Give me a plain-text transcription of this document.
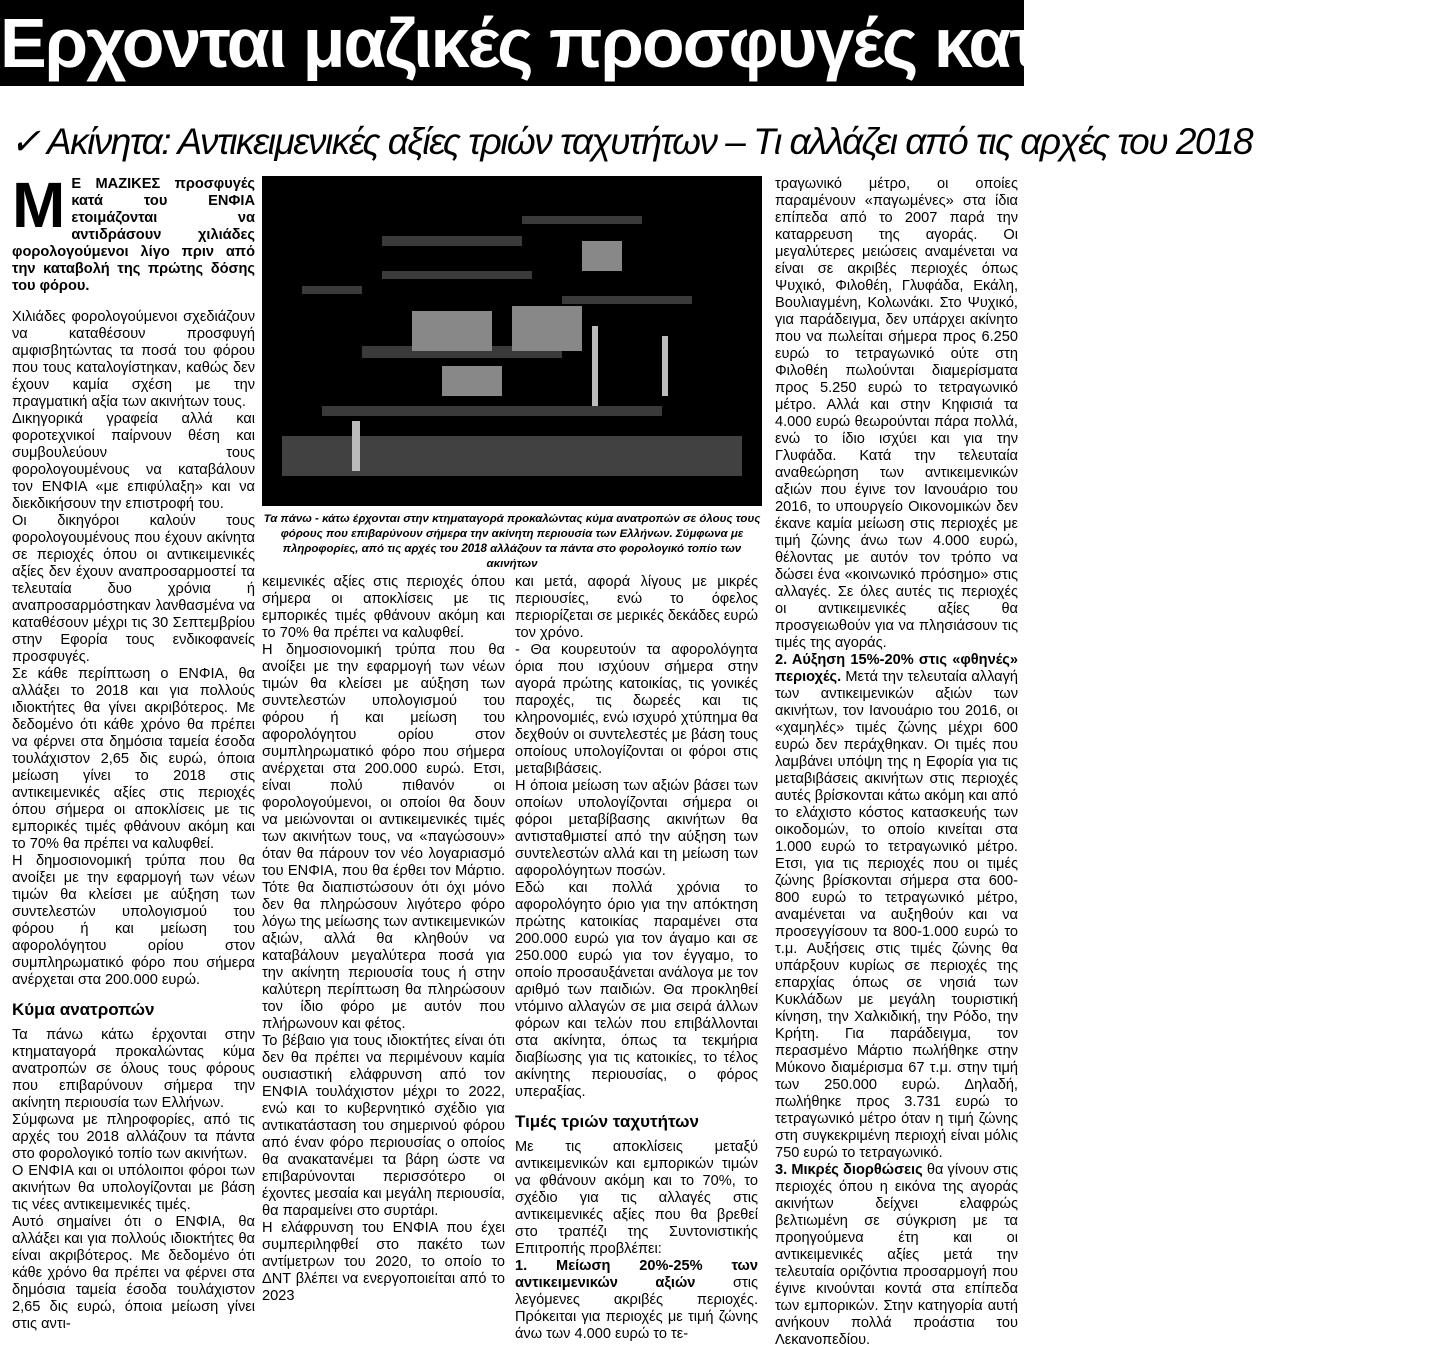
Ερχονται μαζικές προσφυγές κατά του ΕΝΦΙΑ
✓ Ακίνητα: Αντικειμενικές αξίες τριών ταχυτήτων – Τι αλλάζει από τις αρχές του 2018

Μ Ε ΜΑΖΙΚΕΣ προσφυγές κατά του ΕΝΦΙΑ ετοιμάζονται να αντιδράσουν χιλιάδες φορολογούμενοι λίγο πριν από την καταβολή της πρώτης δόσης του φόρου.

Χιλιάδες φορολογούμενοι σχεδιάζουν να καταθέσουν προσφυγή αμφισβητώντας τα ποσά του φόρου που τους καταλογίστηκαν, καθώς δεν έχουν καμία σχέση με την πραγματική αξία των ακινήτων τους.

Δικηγορικά γραφεία αλλά και φοροτεχνικοί παίρνουν θέση και συμβουλεύουν τους φορολογουμένους να καταβάλουν τον ΕΝΦΙΑ «με επιφύλαξη» και να διεκδικήσουν την επιστροφή του.

Οι δικηγόροι καλούν τους φορολογουμένους που έχουν ακίνητα σε περιοχές όπου οι αντικειμενικές αξίες δεν έχουν αναπροσαρμοστεί τα τελευταία δυο χρόνια ή αναπροσαρμόστηκαν λανθασμένα να καταθέσουν μέχρι τις 30 Σεπτεμβρίου στην Εφορία τους ενδικοφανείς προσφυγές.

Σε κάθε περίπτωση ο ΕΝΦΙΑ, θα αλλάξει το 2018 και για πολλούς ιδιοκτήτες θα γίνει ακριβότερος. Με δεδομένο ότι κάθε χρόνο θα πρέπει να φέρνει στα δημόσια ταμεία έσοδα τουλάχιστον 2,65 δις ευρώ, όποια μείωση γίνει το 2018 στις αντικειμενικές αξίες στις περιοχές όπου σήμερα οι αποκλίσεις με τις εμπορικές τιμές φθάνουν ακόμη και το 70% θα πρέπει να καλυφθεί.

Η δημοσιονομική τρύπα που θα ανοίξει με την εφαρμογή των νέων τιμών θα κλείσει με αύξηση των συντελεστών υπολογισμού του φόρου ή και μείωση του αφορολόγητου ορίου στον συμπληρωματικό φόρο που σήμερα ανέρχεται στα 200.000 ευρώ.

Κύμα ανατροπών

Τα πάνω κάτω έρχονται στην κτηματαγορά προκαλώντας κύμα ανατροπών σε όλους τους φόρους που επιβαρύνουν σήμερα την ακίνητη περιουσία των Ελλήνων.

Σύμφωνα με πληροφορίες, από τις αρχές του 2018 αλλάζουν τα πάντα στο φορολογικό τοπίο των ακινήτων.

Ο ΕΝΦΙΑ και οι υπόλοιποι φόροι των ακινήτων θα υπολογίζονται με βάση τις νέες αντικειμενικές τιμές.

Αυτό σημαίνει ότι ο ΕΝΦΙΑ, θα αλλάξει και για πολλούς ιδιοκτήτες θα είναι ακριβότερος. Με δεδομένο ότι κάθε χρόνο θα πρέπει να φέρνει στα δημόσια ταμεία έσοδα τουλάχιστον 2,65 δις ευρώ, όποια μείωση γίνει στις αντι-

Τα πάνω - κάτω έρχονται στην κτηματαγορά προκαλώντας κύμα ανατροπών σε όλους τους φόρους που επιβαρύνουν σήμερα την ακίνητη περιουσία των Ελλήνων. Σύμφωνα με πληροφορίες, από τις αρχές του 2018 αλλάζουν τα πάντα στο φορολογικό τοπίο των ακινήτων

κειμενικές αξίες στις περιοχές όπου σήμερα οι αποκλίσεις με τις εμπορικές τιμές φθάνουν ακόμη και το 70% θα πρέπει να καλυφθεί.

Η δημοσιονομική τρύπα που θα ανοίξει με την εφαρμογή των νέων τιμών θα κλείσει με αύξηση των συντελεστών υπολογισμού του φόρου ή και μείωση του αφορολόγητου ορίου στον συμπληρωματικό φόρο που σήμερα ανέρχεται στα 200.000 ευρώ. Ετσι, είναι πολύ πιθανόν οι φορολογούμενοι, οι οποίοι θα δουν να μειώνονται οι αντικειμενικές τιμές των ακινήτων τους, να «παγώσουν» όταν θα πάρουν τον νέο λογαριασμό του ΕΝΦΙΑ, που θα έρθει τον Μάρτιο. Τότε θα διαπιστώσουν ότι όχι μόνο δεν θα πληρώσουν λιγότερο φόρο λόγω της μείωσης των αντικειμενικών αξιών, αλλά θα κληθούν να καταβάλουν μεγαλύτερα ποσά για την ακίνητη περιουσία τους ή στην καλύτερη περίπτωση θα πληρώσουν τον ίδιο φόρο με αυτόν που πλήρωνουν και φέτος.

Το βέβαιο για τους ιδιοκτήτες είναι ότι δεν θα πρέπει να περιμένουν καμία ουσιαστική ελάφρυνση από τον ΕΝΦΙΑ τουλάχιστον μέχρι το 2022, ενώ και το κυβερνητικό σχέδιο για αντικατάσταση του σημερινού φόρου από έναν φόρο περιουσίας ο οποίος θα ανακατανέμει τα βάρη ώστε να επιβαρύνονται περισσότερο οι έχοντες μεσαία και μεγάλη περιουσία, θα παραμείνει στο συρτάρι.

Η ελάφρυνση του ΕΝΦΙΑ που έχει συμπεριληφθεί στο πακέτο των αντίμετρων του 2020, το οποίο το ΔΝΤ βλέπει να ενεργοποιείται από το 2023

και μετά, αφορά λίγους με μικρές περιουσίες, ενώ το όφελος περιορίζεται σε μερικές δεκάδες ευρώ τον χρόνο.

- Θα κουρευτούν τα αφορολόγητα όρια που ισχύουν σήμερα στην αγορά πρώτης κατοικίας, τις γονικές παροχές, τις δωρεές και τις κληρονομιές, ενώ ισχυρό χτύπημα θα δεχθούν οι συντελεστές με βάση τους οποίους υπολογίζονται οι φόροι στις μεταβιβάσεις.

Η όποια μείωση των αξιών βάσει των οποίων υπολογίζονται σήμερα οι φόροι μεταβίβασης ακινήτων θα αντισταθμιστεί από την αύξηση των συντελεστών αλλά και τη μείωση των αφορολόγητων ποσών.

Εδώ και πολλά χρόνια το αφορολόγητο όριο για την απόκτηση πρώτης κατοικίας παραμένει στα 200.000 ευρώ για τον άγαμο και σε 250.000 ευρώ για τον έγγαμο, το οποίο προσαυξάνεται ανάλογα με τον αριθμό των παιδιών. Θα προκληθεί ντόμινο αλλαγών σε μια σειρά άλλων φόρων και τελών που επιβάλλονται στα ακίνητα, όπως τα τεκμήρια διαβίωσης για τις κατοικίες, το τέλος ακίνητης περιουσίας, ο φόρος υπεραξίας.

Τιμές τριών ταχυτήτων

Με τις αποκλίσεις μεταξύ αντικειμενικών και εμπορικών τιμών να φθάνουν ακόμη και το 70%, το σχέδιο για τις αλλαγές στις αντικειμενικές αξίες που θα βρεθεί στο τραπέζι της Συντονιστικής Επιτροπής προβλέπει:

1. Μείωση 20%-25% των αντικειμενικών αξιών στις λεγόμενες ακριβές περιοχές. Πρόκειται για περιοχές με τιμή ζώνης άνω των 4.000 ευρώ το τε-

τραγωνικό μέτρο, οι οποίες παραμένουν «παγωμένες» στα ίδια επίπεδα από το 2007 παρά την καταρρευση της αγοράς. Οι μεγαλύτερες μειώσεις αναμένεται να είναι σε ακριβές περιοχές όπως Ψυχικό, Φιλοθέη, Γλυφάδα, Εκάλη, Βουλιαγμένη, Κολωνάκι. Στο Ψυχικό, για παράδειγμα, δεν υπάρχει ακίνητο που να πωλείται σήμερα προς 6.250 ευρώ το τετραγωνικό ούτε στη Φιλοθέη πωλούνται διαμερίσματα προς 5.250 ευρώ το τετραγωνικό μέτρο. Αλλά και στην Κηφισιά τα 4.000 ευρώ θεωρούνται πάρα πολλά, ενώ το ίδιο ισχύει και για την Γλυφάδα. Κατά την τελευταία αναθεώρηση των αντικειμενικών αξιών που έγινε τον Ιανουάριο του 2016, το υπουργείο Οικονομικών δεν έκανε καμία μείωση στις περιοχές με τιμή ζώνης άνω των 4.000 ευρώ, θέλοντας με αυτόν τον τρόπο να δώσει ένα «κοινωνικό πρόσημο» στις αλλαγές. Σε όλες αυτές τις περιοχές οι αντικειμενικές αξίες θα προσγειωθούν για να πλησιάσουν τις τιμές της αγοράς.

2. Αύξηση 15%-20% στις «φθηνές» περιοχές. Μετά την τελευταία αλλαγή των αντικειμενικών αξιών των ακινήτων, τον Ιανουάριο του 2016, οι «χαμηλές» τιμές ζώνης μέχρι 600 ευρώ δεν περάχθηκαν. Οι τιμές που λαμβάνει υπόψη της η Εφορία για τις μεταβιβάσεις ακινήτων στις περιοχές αυτές βρίσκονται κάτω ακόμη και από το ελάχιστο κόστος κατασκευής των οικοδομών, το οποίο κινείται στα 1.000 ευρώ το τετραγωνικό μέτρο. Ετσι, για τις περιοχές που οι τιμές ζώνης βρίσκονται σήμερα στα 600-800 ευρώ το τετραγωνικό μέτρο, αναμένεται να αυξηθούν και να προσεγγίσουν τα 800-1.000 ευρώ το τ.μ. Αυξήσεις στις τιμές ζώνης θα υπάρξουν κυρίως σε περιοχές της επαρχίας όπως σε νησιά των Κυκλάδων με μεγάλη τουριστική κίνηση, την Χαλκιδική, την Ρόδο, την Κρήτη. Για παράδειγμα, τον περασμένο Μάρτιο πωλήθηκε στην Μύκονο διαμέρισμα 67 τ.μ. στην τιμή των 250.000 ευρώ. Δηλαδή, πωλήθηκε προς 3.731 ευρώ το τετραγωνικό μέτρο όταν η τιμή ζώνης στη συγκεκριμένη περιοχή είναι μόλις 750 ευρώ το τετραγωνικό.

3. Μικρές διορθώσεις θα γίνουν στις περιοχές όπου η εικόνα της αγοράς ακινήτων δείχνει ελαφρώς βελτιωμένη σε σύγκριση με τα προηγούμενα έτη και οι αντικειμενικές αξίες μετά την τελευταία οριζόντια προσαρμογή που έγινε κινούνται κοντά στα επίπεδα των εμπορικών. Στην κατηγορία αυτή ανήκουν πολλά προάστια του Λεκανοπεδίου.
